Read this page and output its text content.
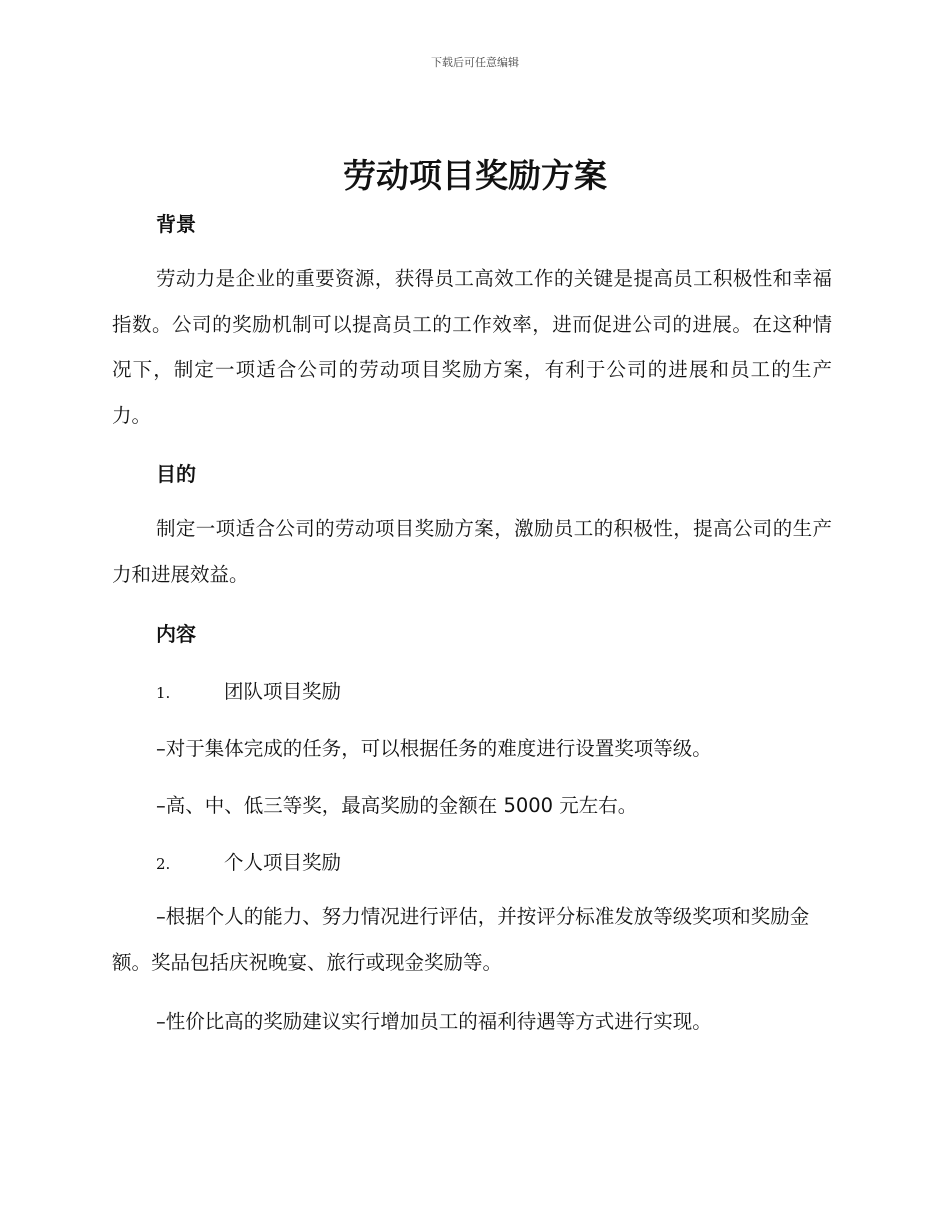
下载后可任意编辑
劳动项目奖励方案
背景

劳动力是企业的重要资源，获得员工高效工作的关键是提高员工积极性和幸福指数。公司的奖励机制可以提高员工的工作效率，进而促进公司的进展。在这种情况下，制定一项适合公司的劳动项目奖励方案，有利于公司的进展和员工的生产力。

目的

制定一项适合公司的劳动项目奖励方案，激励员工的积极性，提高公司的生产力和进展效益。

内容
1.	团队项目奖励

–对于集体完成的任务，可以根据任务的难度进行设置奖项等级。

–高、中、低三等奖，最高奖励的金额在 5000 元左右。

2.	个人项目奖励

–根据个人的能力、努力情况进行评估，并按评分标准发放等级奖项和奖励金额。奖品包括庆祝晚宴、旅行或现金奖励等。

–性价比高的奖励建议实行增加员工的福利待遇等方式进行实现。
